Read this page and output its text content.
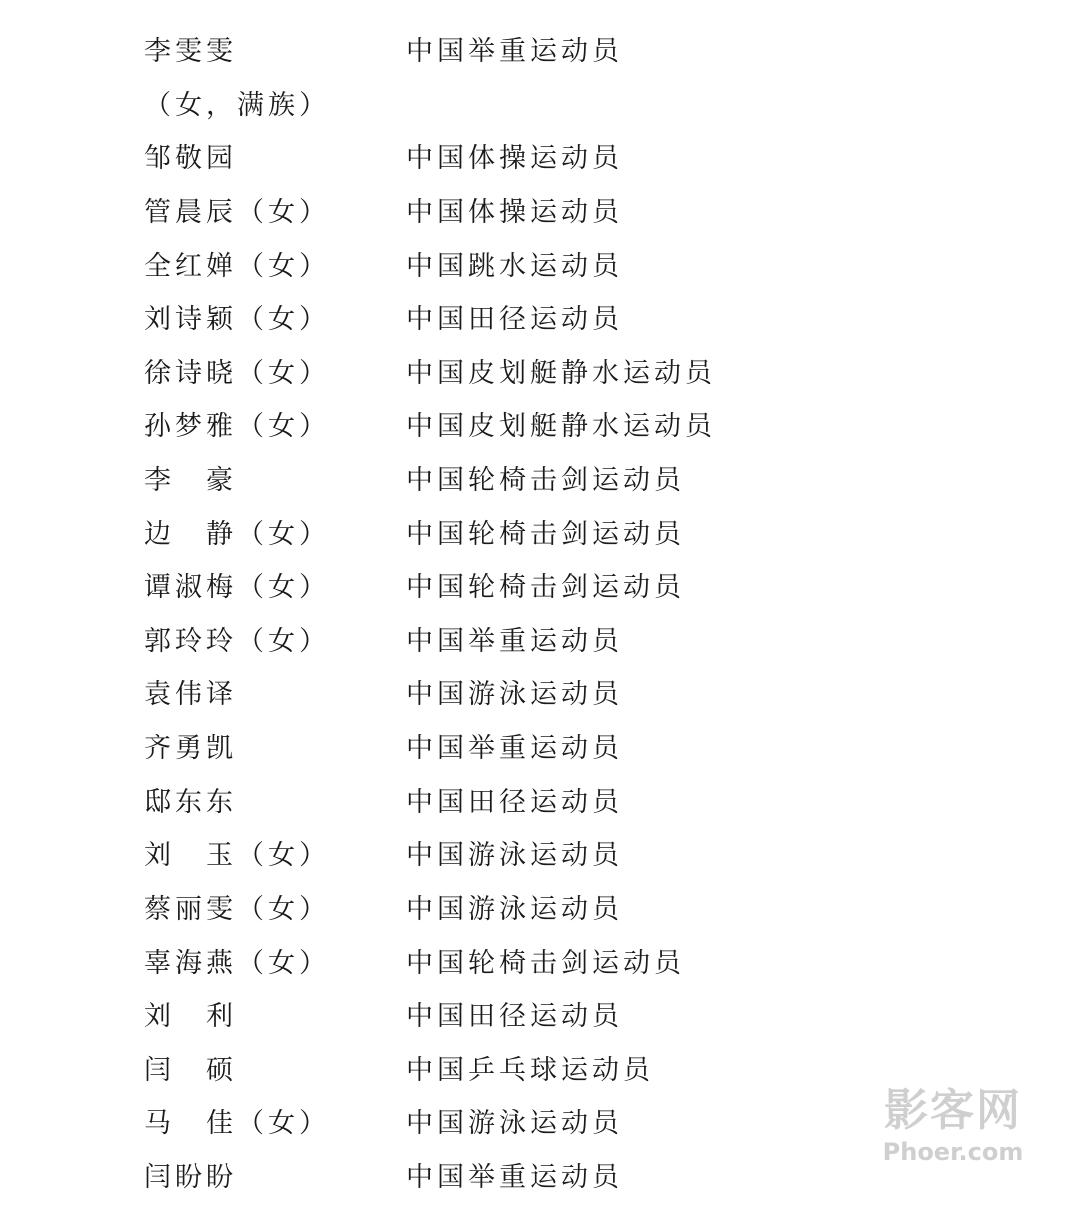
李雯雯	中国举重运动员
（女，满族）
邹敬园	中国体操运动员
管晨辰（女）	中国体操运动员
全红婵（女）	中国跳水运动员
刘诗颖（女）	中国田径运动员
徐诗晓（女）	中国皮划艇静水运动员
孙梦雅（女）	中国皮划艇静水运动员
李　豪	中国轮椅击剑运动员
边　静（女）	中国轮椅击剑运动员
谭淑梅（女）	中国轮椅击剑运动员
郭玲玲（女）	中国举重运动员
袁伟译	中国游泳运动员
齐勇凯	中国举重运动员
邸东东	中国田径运动员
刘　玉（女）	中国游泳运动员
蔡丽雯（女）	中国游泳运动员
辜海燕（女）	中国轮椅击剑运动员
刘　利	中国田径运动员
闫　硕	中国乒乓球运动员
马　佳（女）	中国游泳运动员
闫盼盼	中国举重运动员
影客网
Phoer.com
